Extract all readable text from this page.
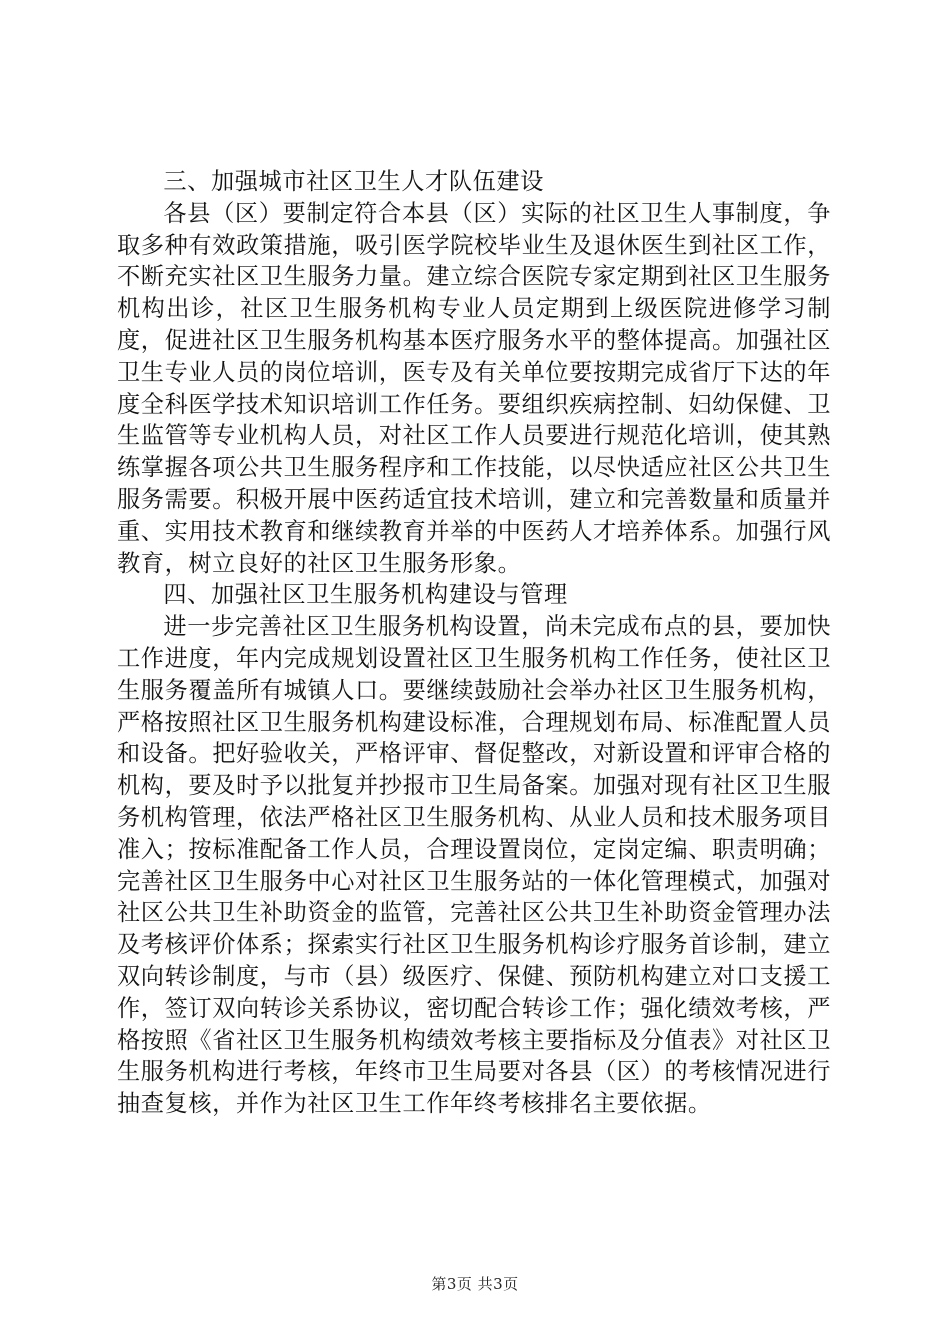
三、加强城市社区卫生人才队伍建设

各县（区）要制定符合本县（区）实际的社区卫生人事制度，争取多种有效政策措施，吸引医学院校毕业生及退休医生到社区工作，不断充实社区卫生服务力量。建立综合医院专家定期到社区卫生服务机构出诊，社区卫生服务机构专业人员定期到上级医院进修学习制度，促进社区卫生服务机构基本医疗服务水平的整体提高。加强社区卫生专业人员的岗位培训，医专及有关单位要按期完成省厅下达的年度全科医学技术知识培训工作任务。要组织疾病控制、妇幼保健、卫生监管等专业机构人员，对社区工作人员要进行规范化培训，使其熟练掌握各项公共卫生服务程序和工作技能，以尽快适应社区公共卫生服务需要。积极开展中医药适宜技术培训，建立和完善数量和质量并重、实用技术教育和继续教育并举的中医药人才培养体系。加强行风教育，树立良好的社区卫生服务形象。

四、加强社区卫生服务机构建设与管理

进一步完善社区卫生服务机构设置，尚未完成布点的县，要加快工作进度，年内完成规划设置社区卫生服务机构工作任务，使社区卫生服务覆盖所有城镇人口。要继续鼓励社会举办社区卫生服务机构，严格按照社区卫生服务机构建设标准，合理规划布局、标准配置人员和设备。把好验收关，严格评审、督促整改，对新设置和评审合格的机构，要及时予以批复并抄报市卫生局备案。加强对现有社区卫生服务机构管理，依法严格社区卫生服务机构、从业人员和技术服务项目准入；按标准配备工作人员，合理设置岗位，定岗定编、职责明确；完善社区卫生服务中心对社区卫生服务站的一体化管理模式，加强对社区公共卫生补助资金的监管，完善社区公共卫生补助资金管理办法及考核评价体系；探索实行社区卫生服务机构诊疗服务首诊制，建立双向转诊制度，与市（县）级医疗、保健、预防机构建立对口支援工作，签订双向转诊关系协议，密切配合转诊工作；强化绩效考核，严格按照《省社区卫生服务机构绩效考核主要指标及分值表》对社区卫生服务机构进行考核，年终市卫生局要对各县（区）的考核情况进行抽查复核，并作为社区卫生工作年终考核排名主要依据。

第3页 共3页
